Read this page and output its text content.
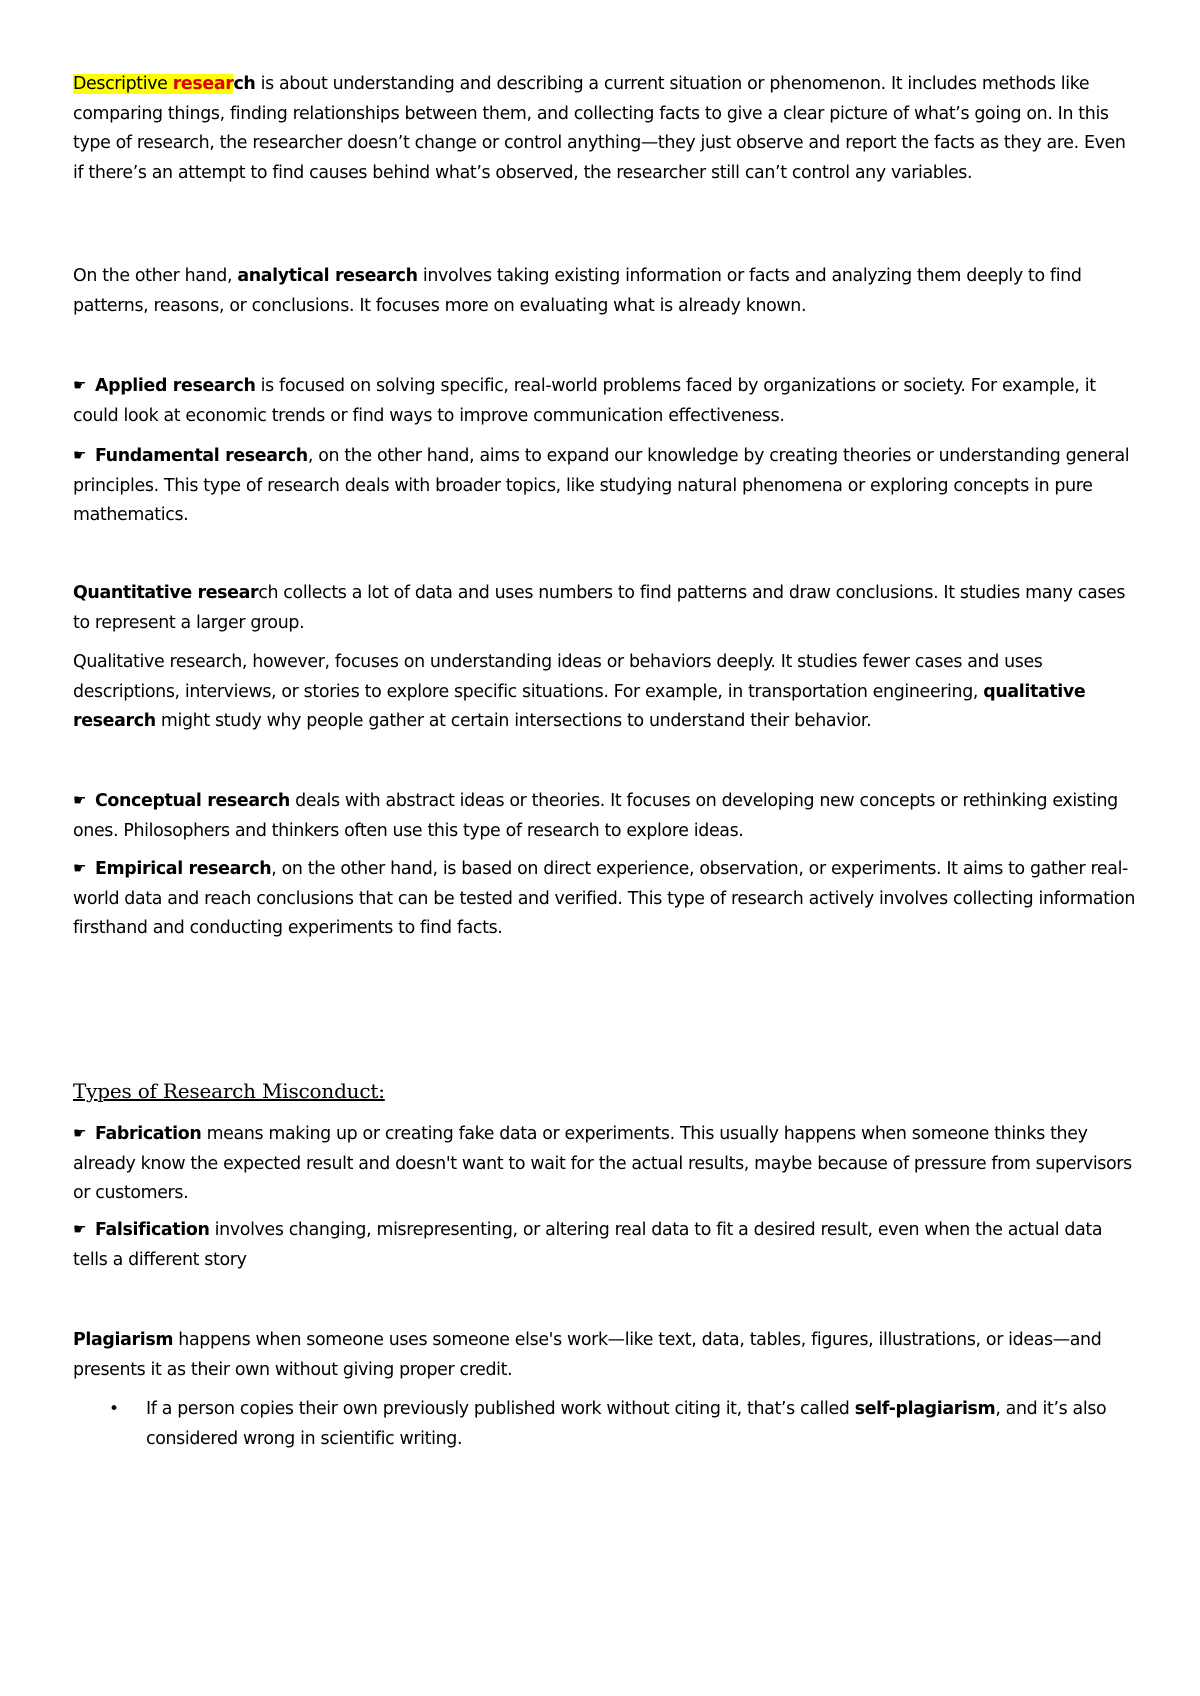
Descriptive research is about understanding and describing a current situation or phenomenon. It includes methods like comparing things, finding relationships between them, and collecting facts to give a clear picture of what’s going on. In this type of research, the researcher doesn’t change or control anything—they just observe and report the facts as they are. Even if there’s an attempt to find causes behind what’s observed, the researcher still can’t control any variables.

On the other hand, analytical research involves taking existing information or facts and analyzing them deeply to find patterns, reasons, or conclusions. It focuses more on evaluating what is already known.

☛ Applied research is focused on solving specific, real-world problems faced by organizations or society. For example, it could look at economic trends or find ways to improve communication effectiveness.

☛ Fundamental research, on the other hand, aims to expand our knowledge by creating theories or understanding general principles. This type of research deals with broader topics, like studying natural phenomena or exploring concepts in pure mathematics.

Quantitative research collects a lot of data and uses numbers to find patterns and draw conclusions. It studies many cases to represent a larger group.

Qualitative research, however, focuses on understanding ideas or behaviors deeply. It studies fewer cases and uses descriptions, interviews, or stories to explore specific situations. For example, in transportation engineering, qualitative research might study why people gather at certain intersections to understand their behavior.

☛ Conceptual research deals with abstract ideas or theories. It focuses on developing new concepts or rethinking existing ones. Philosophers and thinkers often use this type of research to explore ideas.

☛ Empirical research, on the other hand, is based on direct experience, observation, or experiments. It aims to gather real-world data and reach conclusions that can be tested and verified. This type of research actively involves collecting information firsthand and conducting experiments to find facts.

Types of Research Misconduct:

☛ Fabrication means making up or creating fake data or experiments. This usually happens when someone thinks they already know the expected result and doesn't want to wait for the actual results, maybe because of pressure from supervisors or customers.

☛ Falsification involves changing, misrepresenting, or altering real data to fit a desired result, even when the actual data tells a different story

Plagiarism happens when someone uses someone else's work—like text, data, tables, figures, illustrations, or ideas—and presents it as their own without giving proper credit.

• If a person copies their own previously published work without citing it, that’s called self-plagiarism, and it’s also considered wrong in scientific writing.
